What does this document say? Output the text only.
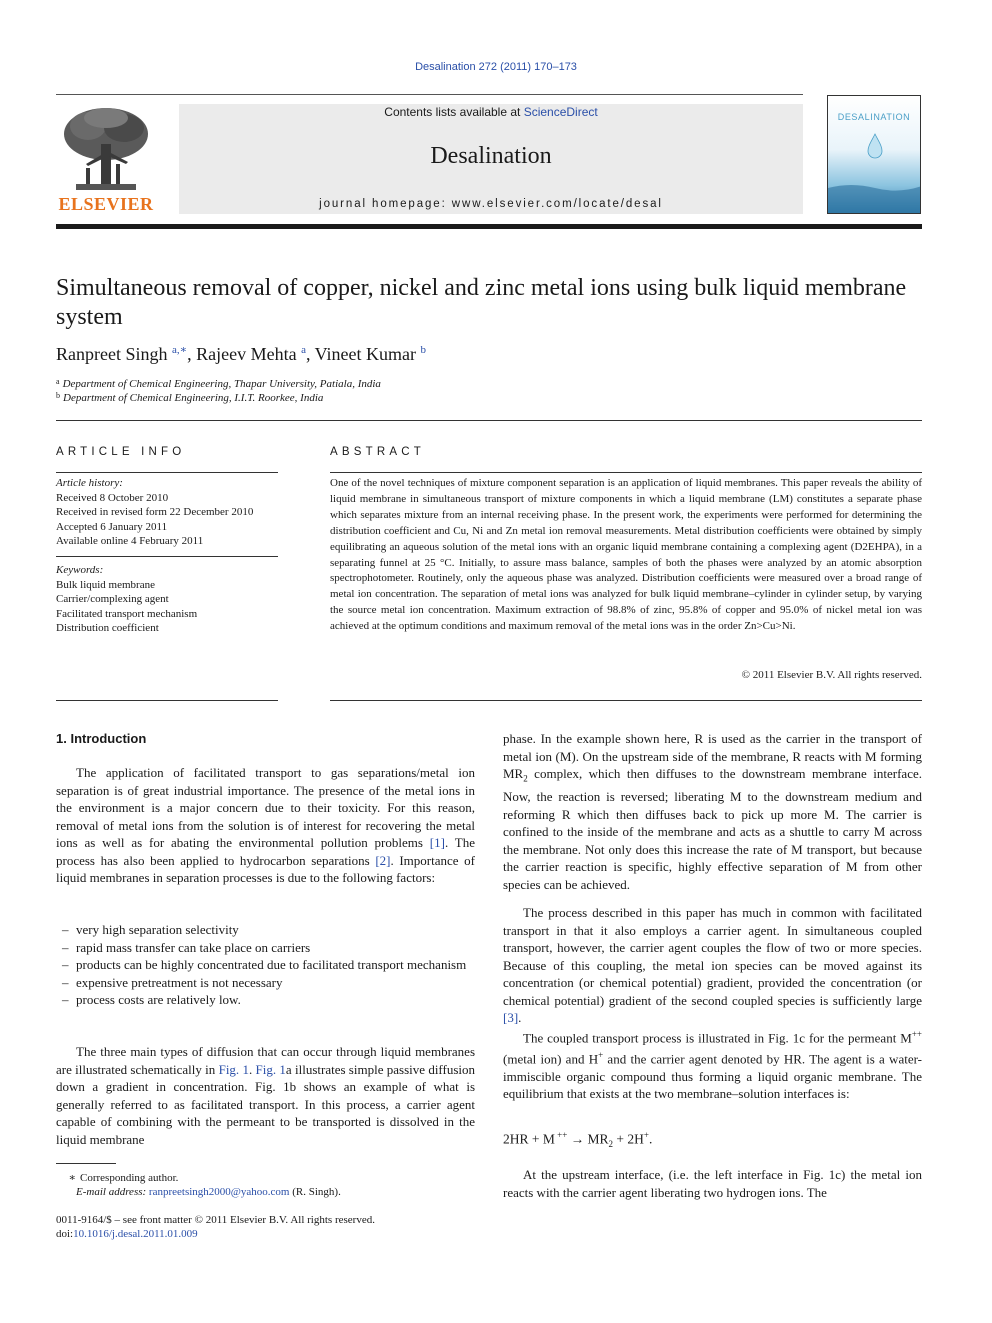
Desalination 272 (2011) 170–173
Contents lists available at ScienceDirect
Desalination
journal homepage: www.elsevier.com/locate/desal
ELSEVIER
DESALINATION
Simultaneous removal of copper, nickel and zinc metal ions using bulk liquid membrane system
Ranpreet Singh $^{a,∗}$, Rajeev Mehta $^a$, Vineet Kumar $^b$
$^a$ Department of Chemical Engineering, Thapar University, Patiala, India
$^b$ Department of Chemical Engineering, I.I.T. Roorkee, India
ARTICLE INFO
Article history:
Received 8 October 2010
Received in revised form 22 December 2010
Accepted 6 January 2011
Available online 4 February 2011
Keywords:
Bulk liquid membrane
Carrier/complexing agent
Facilitated transport mechanism
Distribution coefficient
ABSTRACT
One of the novel techniques of mixture component separation is an application of liquid membranes. This paper reveals the ability of liquid membrane in simultaneous transport of mixture components in which a liquid membrane (LM) constitutes a separate phase which separates mixture from an internal receiving phase. In the present work, the experiments were performed for determining the distribution coefficient and Cu, Ni and Zn metal ion removal measurements. Metal distribution coefficients were obtained by simply equilibrating an aqueous solution of the metal ions with an organic liquid membrane containing a complexing agent (D2EHPA), in a separating funnel at 25 °C. Initially, to assure mass balance, samples of both the phases were analyzed by an atomic absorption spectrophotometer. Routinely, only the aqueous phase was analyzed. Distribution coefficients were measured over a broad range of metal ion concentration. The separation of metal ions was analyzed for bulk liquid membrane–cylinder in cylinder setup, by varying the source metal ion concentration. Maximum extraction of 98.8% of zinc, 95.8% of copper and 95.0% of nickel metal ion was achieved at the optimum conditions and maximum removal of the metal ions was in the order Zn>Cu>Ni.
© 2011 Elsevier B.V. All rights reserved.
1. Introduction
The application of facilitated transport to gas separations/metal ion separation is of great industrial importance. The presence of the metal ions in the environment is a major concern due to their toxicity. For this reason, removal of metal ions from the solution is of interest for recovering the metal ions as well as for abating the environmental pollution problems [1]. The process has also been applied to hydrocarbon separations [2]. Importance of liquid membranes in separation processes is due to the following factors:
– very high separation selectivity
– rapid mass transfer can take place on carriers
– products can be highly concentrated due to facilitated transport mechanism
– expensive pretreatment is not necessary
– process costs are relatively low.
The three main types of diffusion that can occur through liquid membranes are illustrated schematically in Fig. 1. Fig. 1a illustrates simple passive diffusion down a gradient in concentration. Fig. 1b shows an example of what is generally referred to as facilitated transport. In this process, a carrier agent capable of combining with the permeant to be transported is dissolved in the liquid membrane
∗ Corresponding author.
E-mail address: ranpreetsingh2000@yahoo.com (R. Singh).
0011-9164/$ – see front matter © 2011 Elsevier B.V. All rights reserved.
doi:10.1016/j.desal.2011.01.009
phase. In the example shown here, R is used as the carrier in the transport of metal ion (M). On the upstream side of the membrane, R reacts with M forming $MR_2$ complex, which then diffuses to the downstream membrane interface. Now, the reaction is reversed; liberating M to the downstream medium and reforming R which then diffuses back to pick up more M. The carrier is confined to the inside of the membrane and acts as a shuttle to carry M across the membrane. Not only does this increase the rate of M transport, but because the carrier reaction is specific, highly effective separation of M from other species can be achieved.
The process described in this paper has much in common with facilitated transport in that it also employs a carrier agent. In simultaneous coupled transport, however, the carrier agent couples the flow of two or more species. Because of this coupling, the metal ion species can be moved against its concentration (or chemical potential) gradient, provided the concentration (or chemical potential) gradient of the second coupled species is sufficiently large [3].
The coupled transport process is illustrated in Fig. 1c for the permeant M++ (metal ion) and H+ and the carrier agent denoted by HR. The agent is a water-immiscible organic compound thus forming a liquid organic membrane. The equilibrium that exists at the two membrane–solution interfaces is:
2HR + M $^{++} \to MR_2 + 2H^+$.
At the upstream interface, (i.e. the left interface in Fig. 1c) the metal ion reacts with the carrier agent liberating two hydrogen ions. The
